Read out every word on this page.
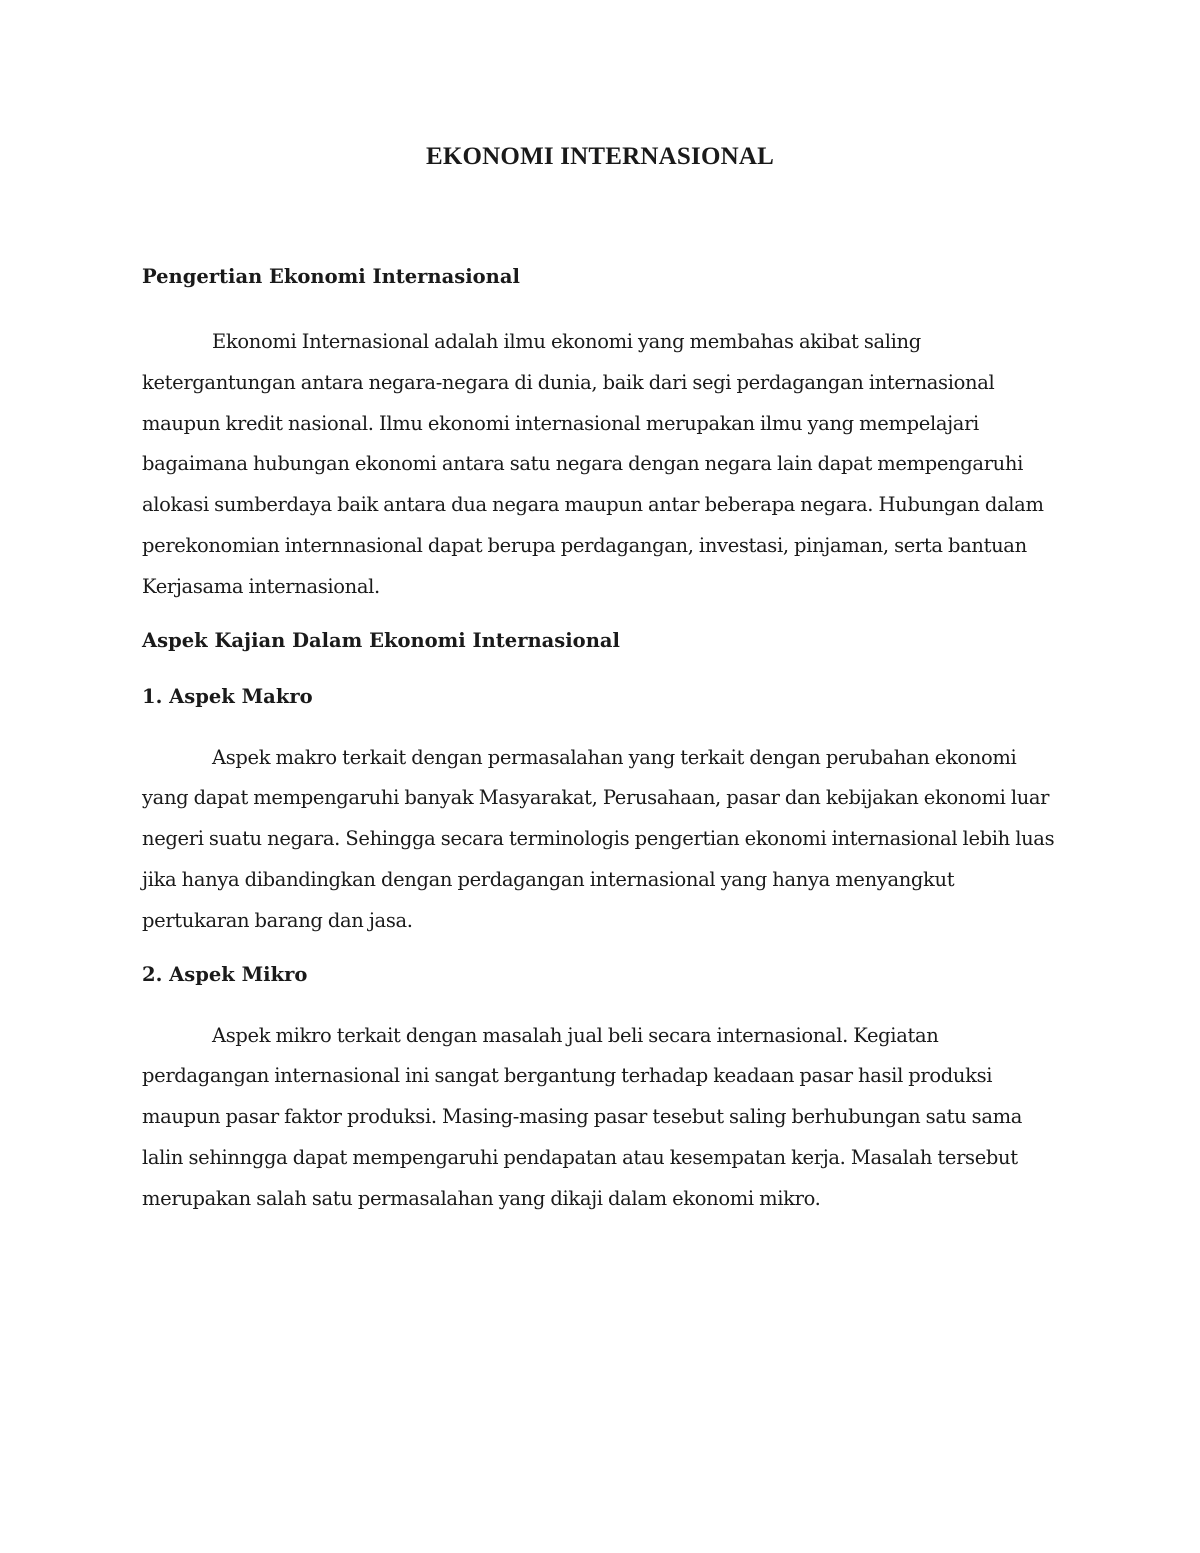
EKONOMI INTERNASIONAL
Pengertian Ekonomi Internasional

Ekonomi Internasional adalah ilmu ekonomi yang membahas akibat saling ketergantungan antara negara-negara di dunia, baik dari segi perdagangan internasional maupun kredit nasional. Ilmu ekonomi internasional merupakan ilmu yang mempelajari bagaimana hubungan ekonomi antara satu negara dengan negara lain dapat mempengaruhi alokasi sumberdaya baik antara dua negara maupun antar beberapa negara. Hubungan dalam perekonomian internnasional dapat berupa perdagangan, investasi, pinjaman, serta bantuan Kerjasama internasional.

Aspek Kajian Dalam Ekonomi Internasional
1. Aspek Makro

Aspek makro terkait dengan permasalahan yang terkait dengan perubahan ekonomi yang dapat mempengaruhi banyak Masyarakat, Perusahaan, pasar dan kebijakan ekonomi luar negeri suatu negara. Sehingga secara terminologis pengertian ekonomi internasional lebih luas jika hanya dibandingkan dengan perdagangan internasional yang hanya menyangkut pertukaran barang dan jasa.

2. Aspek Mikro

Aspek mikro terkait dengan masalah jual beli secara internasional. Kegiatan perdagangan internasional ini sangat bergantung terhadap keadaan pasar hasil produksi maupun pasar faktor produksi. Masing-masing pasar tesebut saling berhubungan satu sama lalin sehinngga dapat mempengaruhi pendapatan atau kesempatan kerja. Masalah tersebut merupakan salah satu permasalahan yang dikaji dalam ekonomi mikro.
